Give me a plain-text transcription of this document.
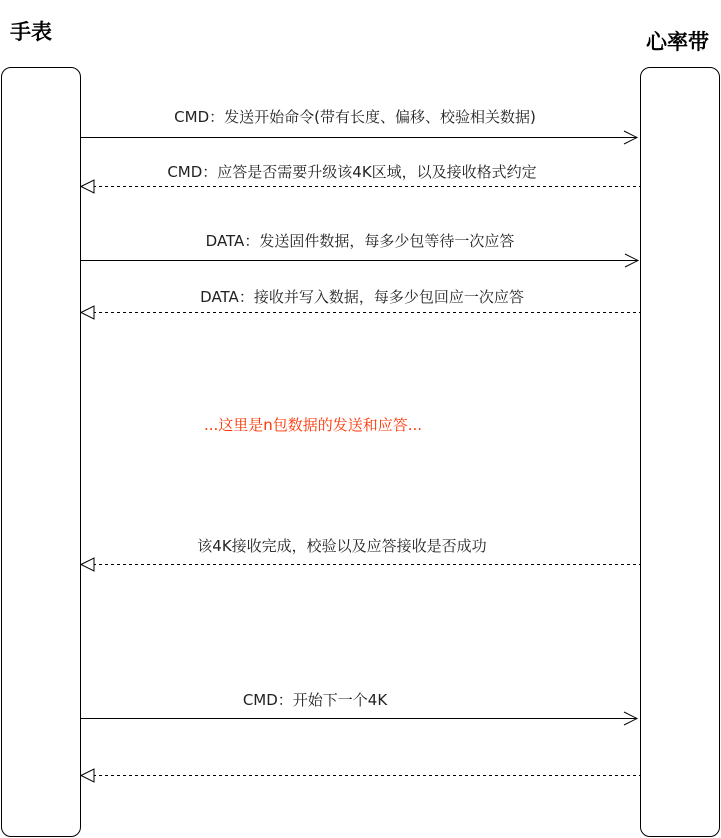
手表	心率带
CMD：发送开始命令(带有长度、偏移、校验相关数据)
CMD：应答是否需要升级该4K区域，以及接收格式约定
DATA：发送固件数据，每多少包等待一次应答
DATA：接收并写入数据，每多少包回应一次应答
...这里是n包数据的发送和应答...
该4K接收完成，校验以及应答接收是否成功
CMD：开始下一个4K
